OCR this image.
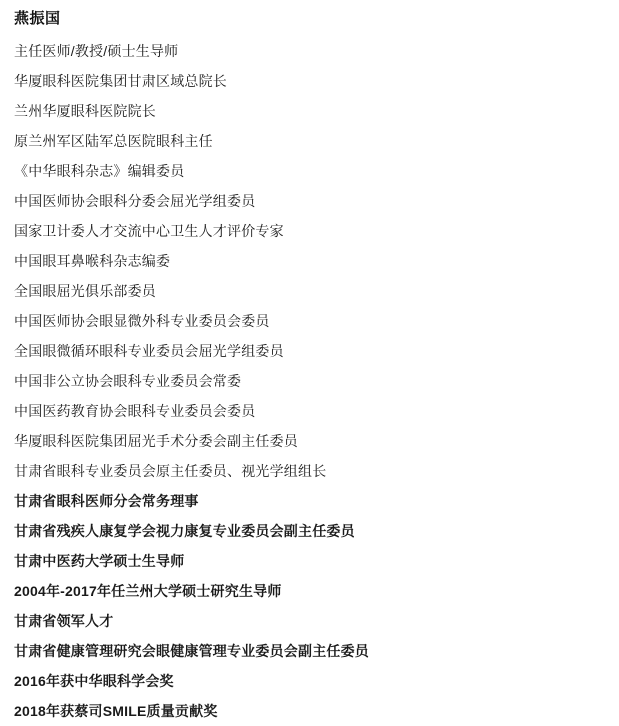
燕振国
主任医师/教授/硕士生导师
华厦眼科医院集团甘肃区域总院长
兰州华厦眼科医院院长
原兰州军区陆军总医院眼科主任
《中华眼科杂志》编辑委员
中国医师协会眼科分委会屈光学组委员
国家卫计委人才交流中心卫生人才评价专家
中国眼耳鼻喉科杂志编委
全国眼屈光俱乐部委员
中国医师协会眼显微外科专业委员会委员
全国眼微循环眼科专业委员会屈光学组委员
中国非公立协会眼科专业委员会常委
中国医药教育协会眼科专业委员会委员
华厦眼科医院集团屈光手术分委会副主任委员
甘肃省眼科专业委员会原主任委员、视光学组组长
甘肃省眼科医师分会常务理事
甘肃省残疾人康复学会视力康复专业委员会副主任委员
甘肃中医药大学硕士生导师
2004年-2017年任兰州大学硕士研究生导师
甘肃省领军人才
甘肃省健康管理研究会眼健康管理专业委员会副主任委员
2016年获中华眼科学会奖
2018年获蔡司SMILE质量贡献奖
